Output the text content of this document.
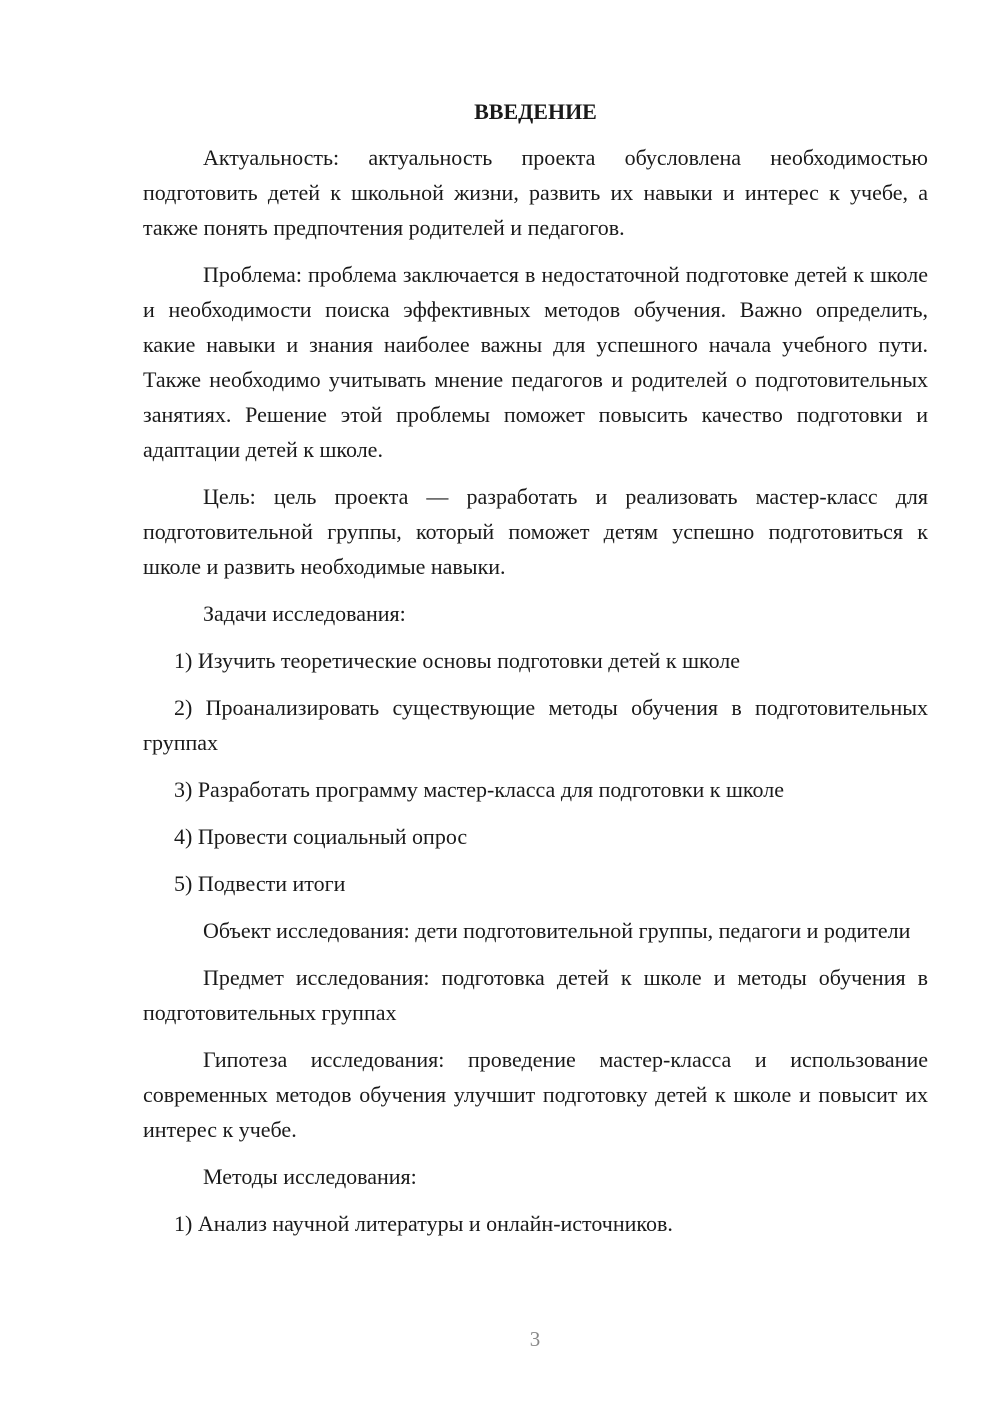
ВВЕДЕНИЕ

Актуальность: актуальность проекта обусловлена необходимостью подготовить детей к школьной жизни, развить их навыки и интерес к учебе, а также понять предпочтения родителей и педагогов.

Проблема: проблема заключается в недостаточной подготовке детей к школе и необходимости поиска эффективных методов обучения. Важно определить, какие навыки и знания наиболее важны для успешного начала учебного пути. Также необходимо учитывать мнение педагогов и родителей о подготовительных занятиях. Решение этой проблемы поможет повысить качество подготовки и адаптации детей к школе.

Цель: цель проекта — разработать и реализовать мастер-класс для подготовительной группы, который поможет детям успешно подготовиться к школе и развить необходимые навыки.

Задачи исследования:

1) Изучить теоретические основы подготовки детей к школе

2) Проанализировать существующие методы обучения в подготовительных группах

3) Разработать программу мастер-класса для подготовки к школе

4) Провести социальный опрос

5) Подвести итоги

Объект исследования: дети подготовительной группы, педагоги и родители

Предмет исследования: подготовка детей к школе и методы обучения в подготовительных группах

Гипотеза исследования: проведение мастер-класса и использование современных методов обучения улучшит подготовку детей к школе и повысит их интерес к учебе.

Методы исследования:

1) Анализ научной литературы и онлайн-источников.

3
